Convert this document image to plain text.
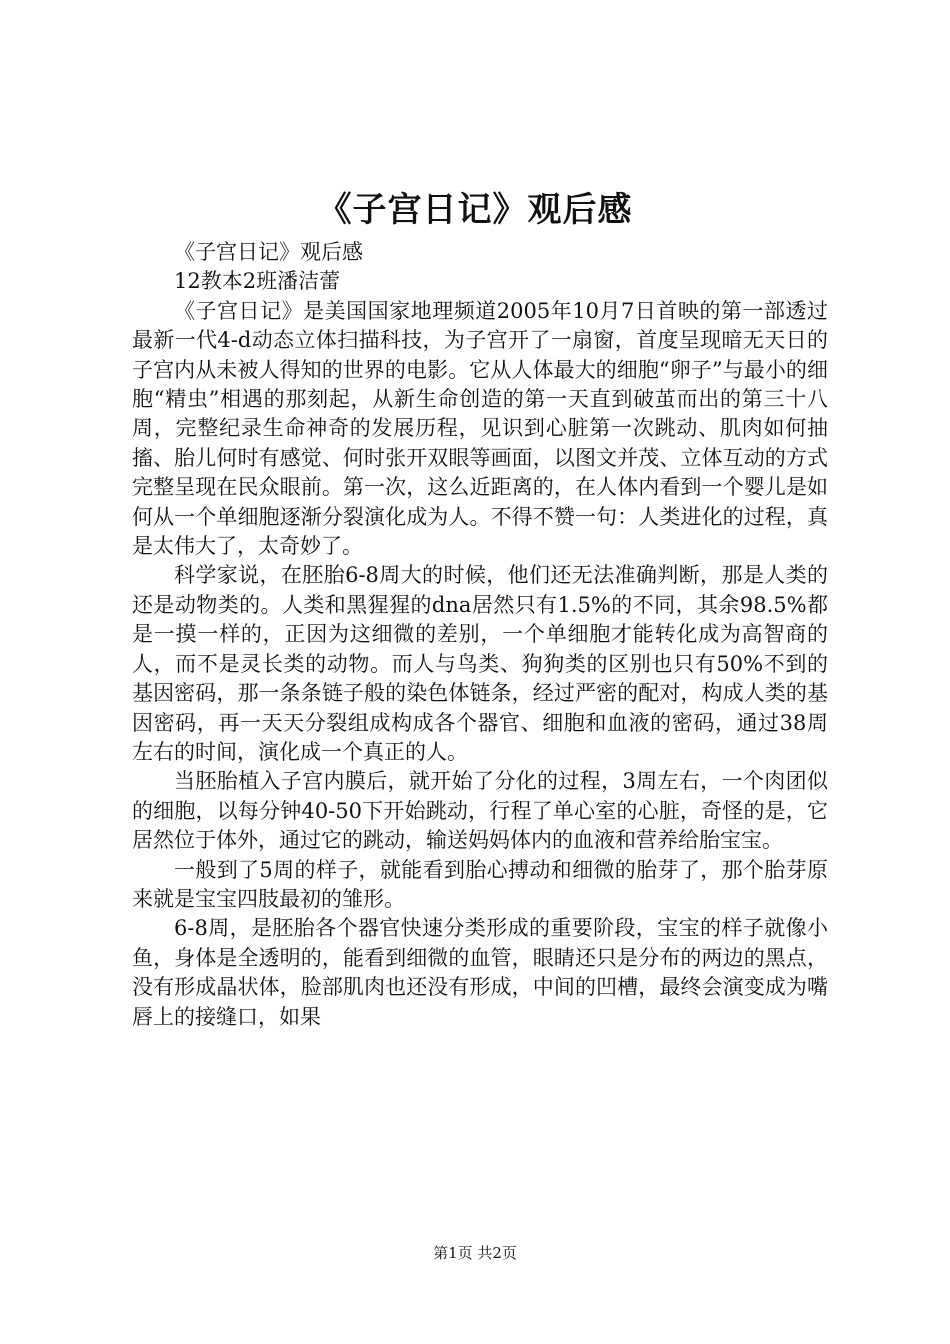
《子宫日记》观后感

《子宫日记》观后感

12教本2班潘洁蕾

《子宫日记》是美国国家地理频道2005年10月7日首映的第一部透过最新一代4-d动态立体扫描科技，为子宫开了一扇窗，首度呈现暗无天日的子宫内从未被人得知的世界的电影。它从人体最大的细胞“卵子”与最小的细胞“精虫”相遇的那刻起，从新生命创造的第一天直到破茧而出的第三十八周，完整纪录生命神奇的发展历程，见识到心脏第一次跳动、肌肉如何抽搐、胎儿何时有感觉、何时张开双眼等画面，以图文并茂、立体互动的方式完整呈现在民众眼前。第一次，这么近距离的，在人体内看到一个婴儿是如何从一个单细胞逐渐分裂演化成为人。不得不赞一句：人类进化的过程，真是太伟大了，太奇妙了。

科学家说，在胚胎6-8周大的时候，他们还无法准确判断，那是人类的还是动物类的。人类和黑猩猩的dna居然只有1.5%的不同，其余98.5%都是一摸一样的，正因为这细微的差别，一个单细胞才能转化成为高智商的人，而不是灵长类的动物。而人与鸟类、狗狗类的区别也只有50%不到的基因密码，那一条条链子般的染色体链条，经过严密的配对，构成人类的基因密码，再一天天分裂组成构成各个器官、细胞和血液的密码，通过38周左右的时间，演化成一个真正的人。

当胚胎植入子宫内膜后，就开始了分化的过程，3周左右，一个肉团似的细胞，以每分钟40-50下开始跳动，行程了单心室的心脏，奇怪的是，它居然位于体外，通过它的跳动，输送妈妈体内的血液和营养给胎宝宝。

一般到了5周的样子，就能看到胎心搏动和细微的胎芽了，那个胎芽原来就是宝宝四肢最初的雏形。

6-8周，是胚胎各个器官快速分类形成的重要阶段，宝宝的样子就像小鱼，身体是全透明的，能看到细微的血管，眼睛还只是分布的两边的黑点，没有形成晶状体，脸部肌肉也还没有形成，中间的凹槽，最终会演变成为嘴唇上的接缝口，如果

第1页 共2页
